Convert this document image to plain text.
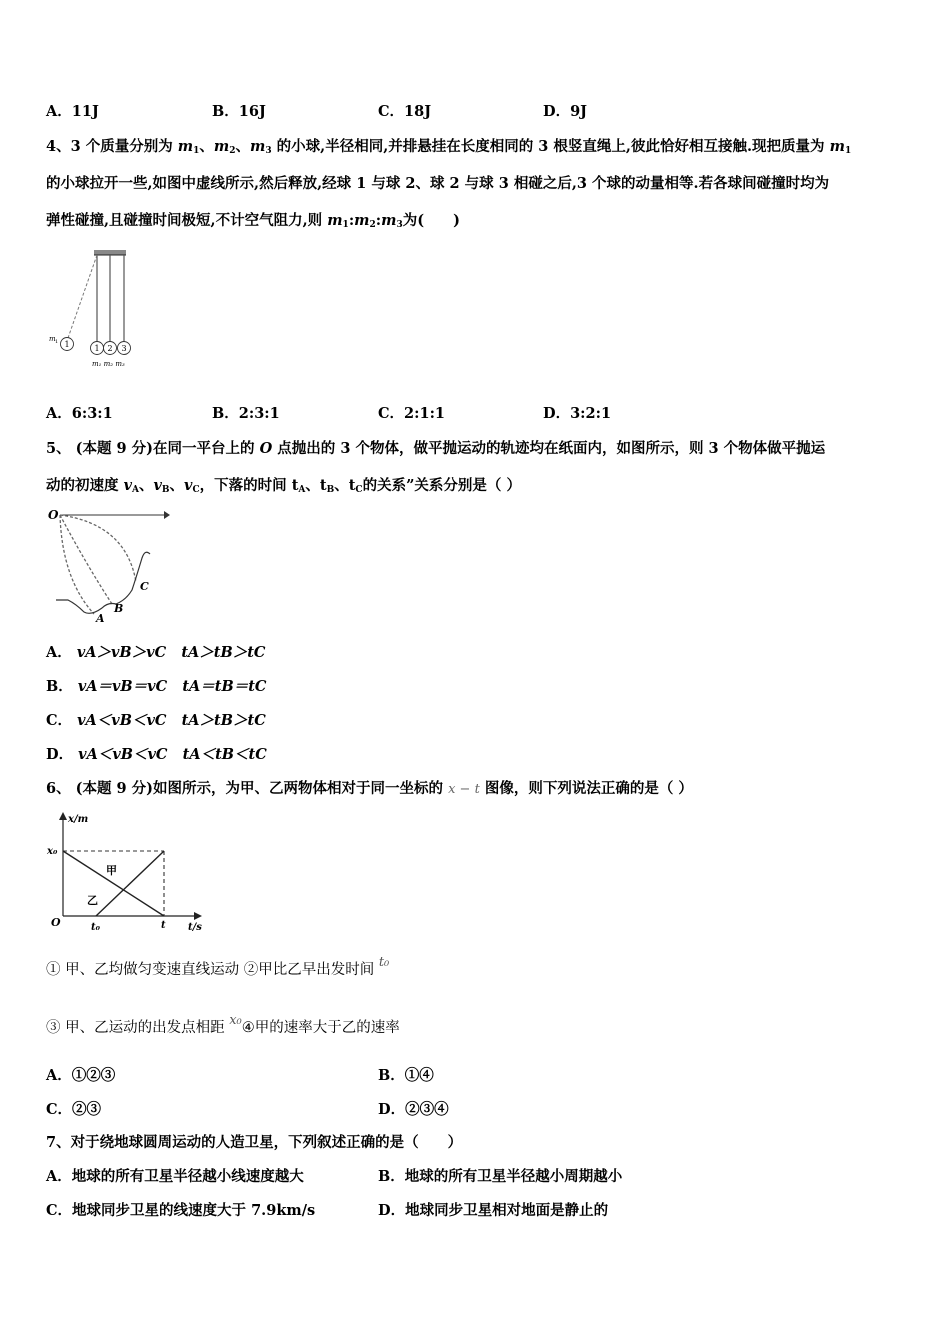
A．11J	B．16J	C．18J	D．9J
4、3 个质量分别为 $m_1$、$m_2$、$m_3$ 的小球,半径相同,并排悬挂在长度相同的 3 根竖直绳上,彼此恰好相互接触.现把质量为 $m_1$
的小球拉开一些,如图中虚线所示,然后释放,经球 1 与球 2、球 2 与球 3 相碰之后,3 个球的动量相等.若各球间碰撞时均为
弹性碰撞,且碰撞时间极短,不计空气阻力,则 $m_1:m_2:m_3$为(　　)
1
m 1
1 2 3
m₁ m₂ m₃
A．6:3:1	B．2:3:1	C．2:1:1	D．3:2:1
5、 (本题 9 分)在同一平台上的 O 点抛出的 3 个物体，做平抛运动的轨迹均在纸面内，如图所示，则 3 个物体做平抛运
动的初速度 $v_A$、$v_B$、$v_C$，下落的时间 $t_A$、$t_B$、$t_C$的关系”关系分别是（ ）
O
A
B
C
A． vA＞vB＞vC tA＞tB＞tC
B． vA＝vB＝vC tA＝tB＝tC
C． vA＜vB＜vC tA＞tB＞tC
D． vA＜vB＜vC tA＜tB＜tC
6、 (本题 9 分)如图所示，为甲、乙两物体相对于同一坐标的 x − t 图像，则下列说法正确的是（ ）
x/m
x₀
甲
乙
O	t₀	t t/s
① 甲、乙均做匀变速直线运动 ②甲比乙早出发时间 t₀
③ 甲、乙运动的出发点相距 x₀④甲的速率大于乙的速率
A．①②③	B．①④
C．②③	D．②③④
7、对于绕地球圆周运动的人造卫星，下列叙述正确的是（　　）
A．地球的所有卫星半径越小线速度越大	B．地球的所有卫星半径越小周期越小
C．地球同步卫星的线速度大于 7.9km/s	D．地球同步卫星相对地面是静止的
